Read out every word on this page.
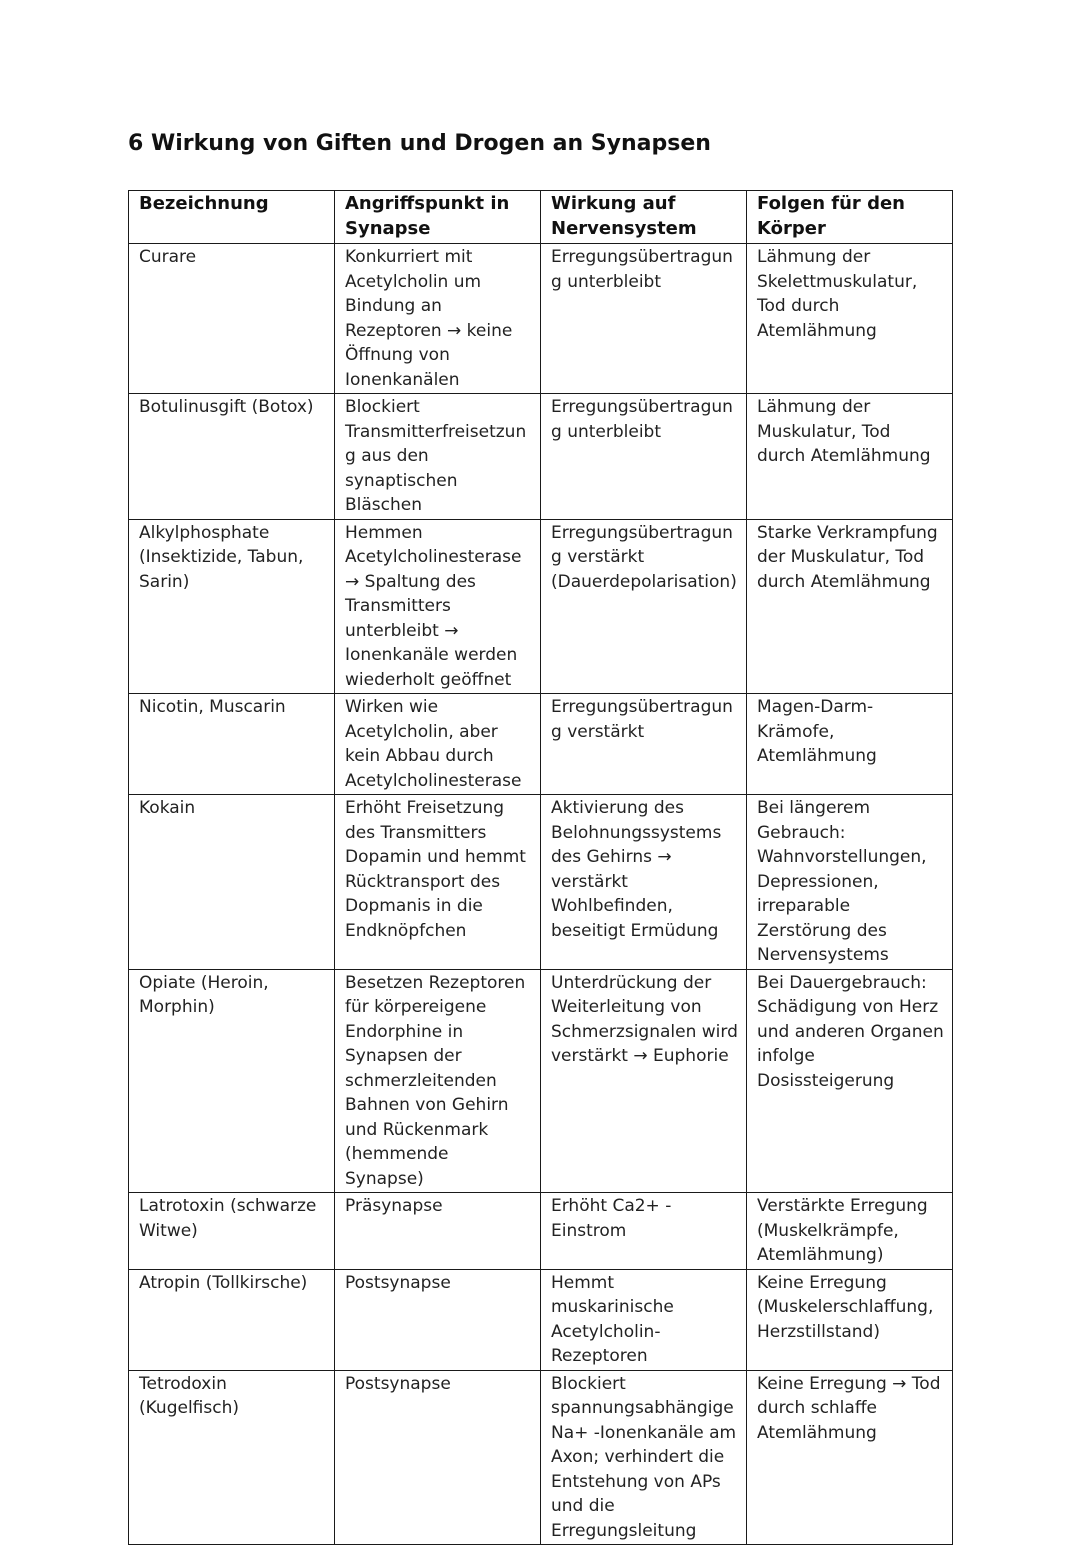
6 Wirkung von Giften und Drogen an Synapsen
Bezeichnung	Angriffspunkt in Synapse	Wirkung auf Nervensystem	Folgen für den Körper
Curare	Konkurriert mit Acetylcholin um Bindung an Rezeptoren → keine Öffnung von Ionenkanälen	Erregungsübertragung unterbleibt	Lähmung der Skelettmuskulatur, Tod durch Atemlähmung
Botulinusgift (Botox)	Blockiert Transmitterfreisetzung aus den synaptischen Bläschen	Erregungsübertragung unterbleibt	Lähmung der Muskulatur, Tod durch Atemlähmung
Alkylphosphate (Insektizide, Tabun, Sarin)	Hemmen Acetylcholinesterase → Spaltung des Transmitters unterbleibt → Ionenkanäle werden wiederholt geöffnet	Erregungsübertragung verstärkt (Dauerdepolarisation)	Starke Verkrampfung der Muskulatur, Tod durch Atemlähmung
Nicotin, Muscarin	Wirken wie Acetylcholin, aber kein Abbau durch Acetylcholinesterase	Erregungsübertragung verstärkt	Magen-Darm-Krämofe, Atemlähmung
Kokain	Erhöht Freisetzung des Transmitters Dopamin und hemmt Rücktransport des Dopmanis in die Endknöpfchen	Aktivierung des Belohnungssystems des Gehirns → verstärkt Wohlbefinden, beseitigt Ermüdung	Bei längerem Gebrauch: Wahnvorstellungen, Depressionen, irreparable Zerstörung des Nervensystems
Opiate (Heroin, Morphin)	Besetzen Rezeptoren für körpereigene Endorphine in Synapsen der schmerzleitenden Bahnen von Gehirn und Rückenmark (hemmende Synapse)	Unterdrückung der Weiterleitung von Schmerzsignalen wird verstärkt → Euphorie	Bei Dauergebrauch: Schädigung von Herz und anderen Organen infolge Dosissteigerung
Latrotoxin (schwarze Witwe)	Präsynapse	Erhöht Ca2+ - Einstrom	Verstärkte Erregung (Muskelkrämpfe, Atemlähmung)
Atropin (Tollkirsche)	Postsynapse	Hemmt muskarinische Acetylcholin-Rezeptoren	Keine Erregung (Muskelerschlaffung, Herzstillstand)
Tetrodoxin (Kugelfisch)	Postsynapse	Blockiert spannungsabhängige Na+ -Ionenkanäle am Axon; verhindert die Entstehung von APs und die Erregungsleitung	Keine Erregung → Tod durch schlaffe Atemlähmung
